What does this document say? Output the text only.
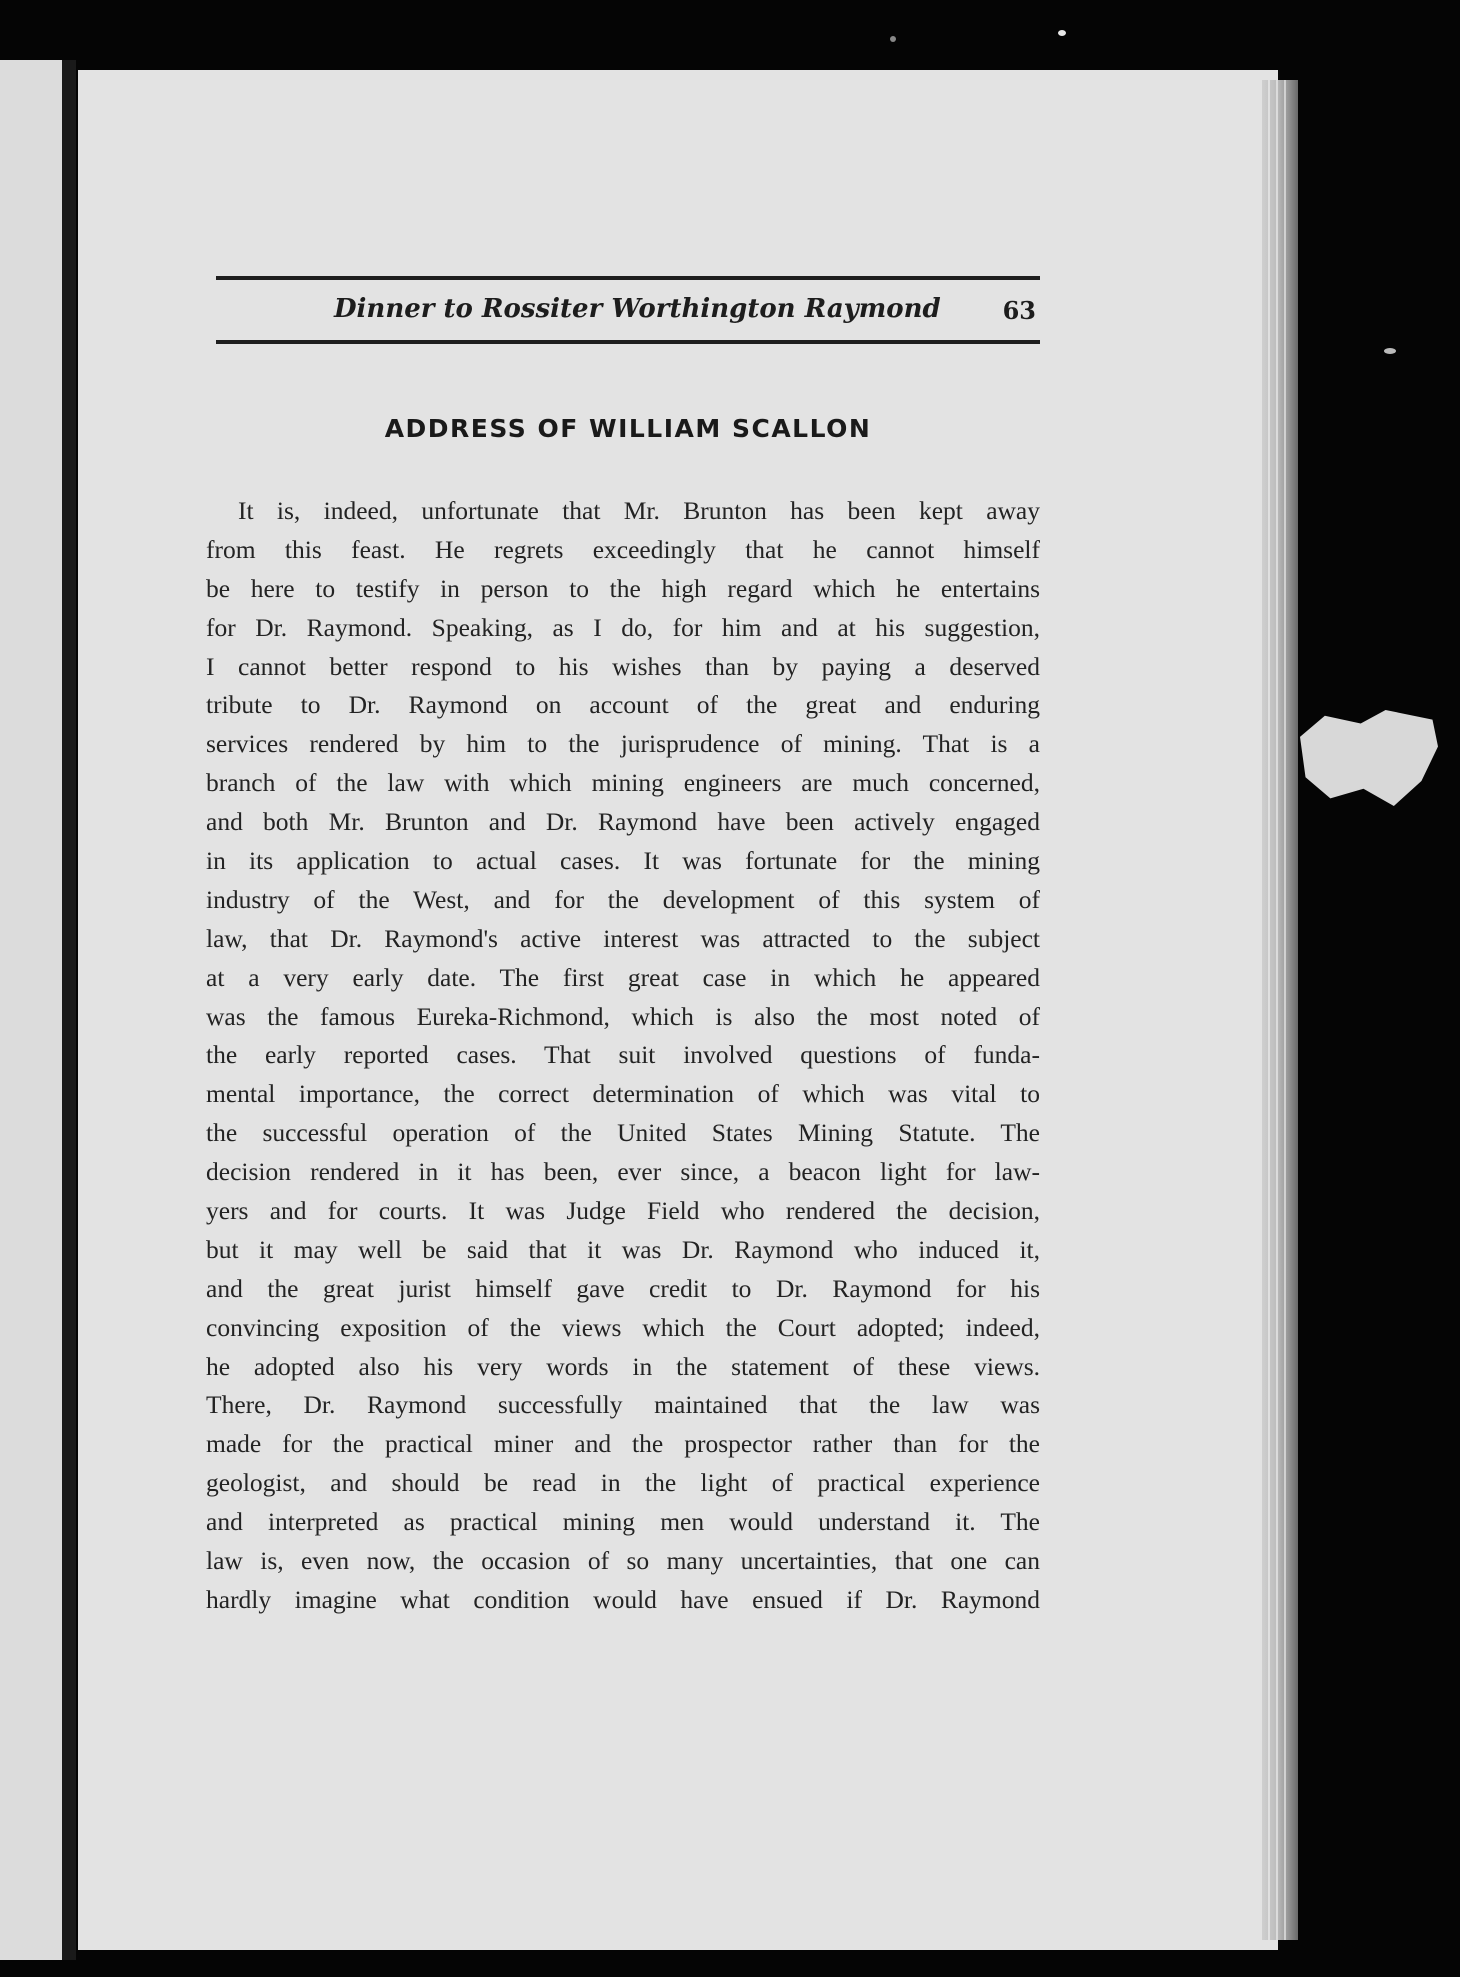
Dinner to Rossiter Worthington Raymond	63
ADDRESS OF WILLIAM SCALLON
It is, indeed, unfortunate that Mr. Brunton has been kept away
from this feast. He regrets exceedingly that he cannot himself
be here to testify in person to the high regard which he entertains
for Dr. Raymond. Speaking, as I do, for him and at his suggestion,
I cannot better respond to his wishes than by paying a deserved
tribute to Dr. Raymond on account of the great and enduring
services rendered by him to the jurisprudence of mining. That is a
branch of the law with which mining engineers are much concerned,
and both Mr. Brunton and Dr. Raymond have been actively engaged
in its application to actual cases. It was fortunate for the mining
industry of the West, and for the development of this system of
law, that Dr. Raymond's active interest was attracted to the subject
at a very early date. The first great case in which he appeared
was the famous Eureka-Richmond, which is also the most noted of
the early reported cases. That suit involved questions of funda-
mental importance, the correct determination of which was vital to
the successful operation of the United States Mining Statute. The
decision rendered in it has been, ever since, a beacon light for law-
yers and for courts. It was Judge Field who rendered the decision,
but it may well be said that it was Dr. Raymond who induced it,
and the great jurist himself gave credit to Dr. Raymond for his
convincing exposition of the views which the Court adopted; indeed,
he adopted also his very words in the statement of these views.
There, Dr. Raymond successfully maintained that the law was
made for the practical miner and the prospector rather than for the
geologist, and should be read in the light of practical experience
and interpreted as practical mining men would understand it. The
law is, even now, the occasion of so many uncertainties, that one can
hardly imagine what condition would have ensued if Dr. Raymond
